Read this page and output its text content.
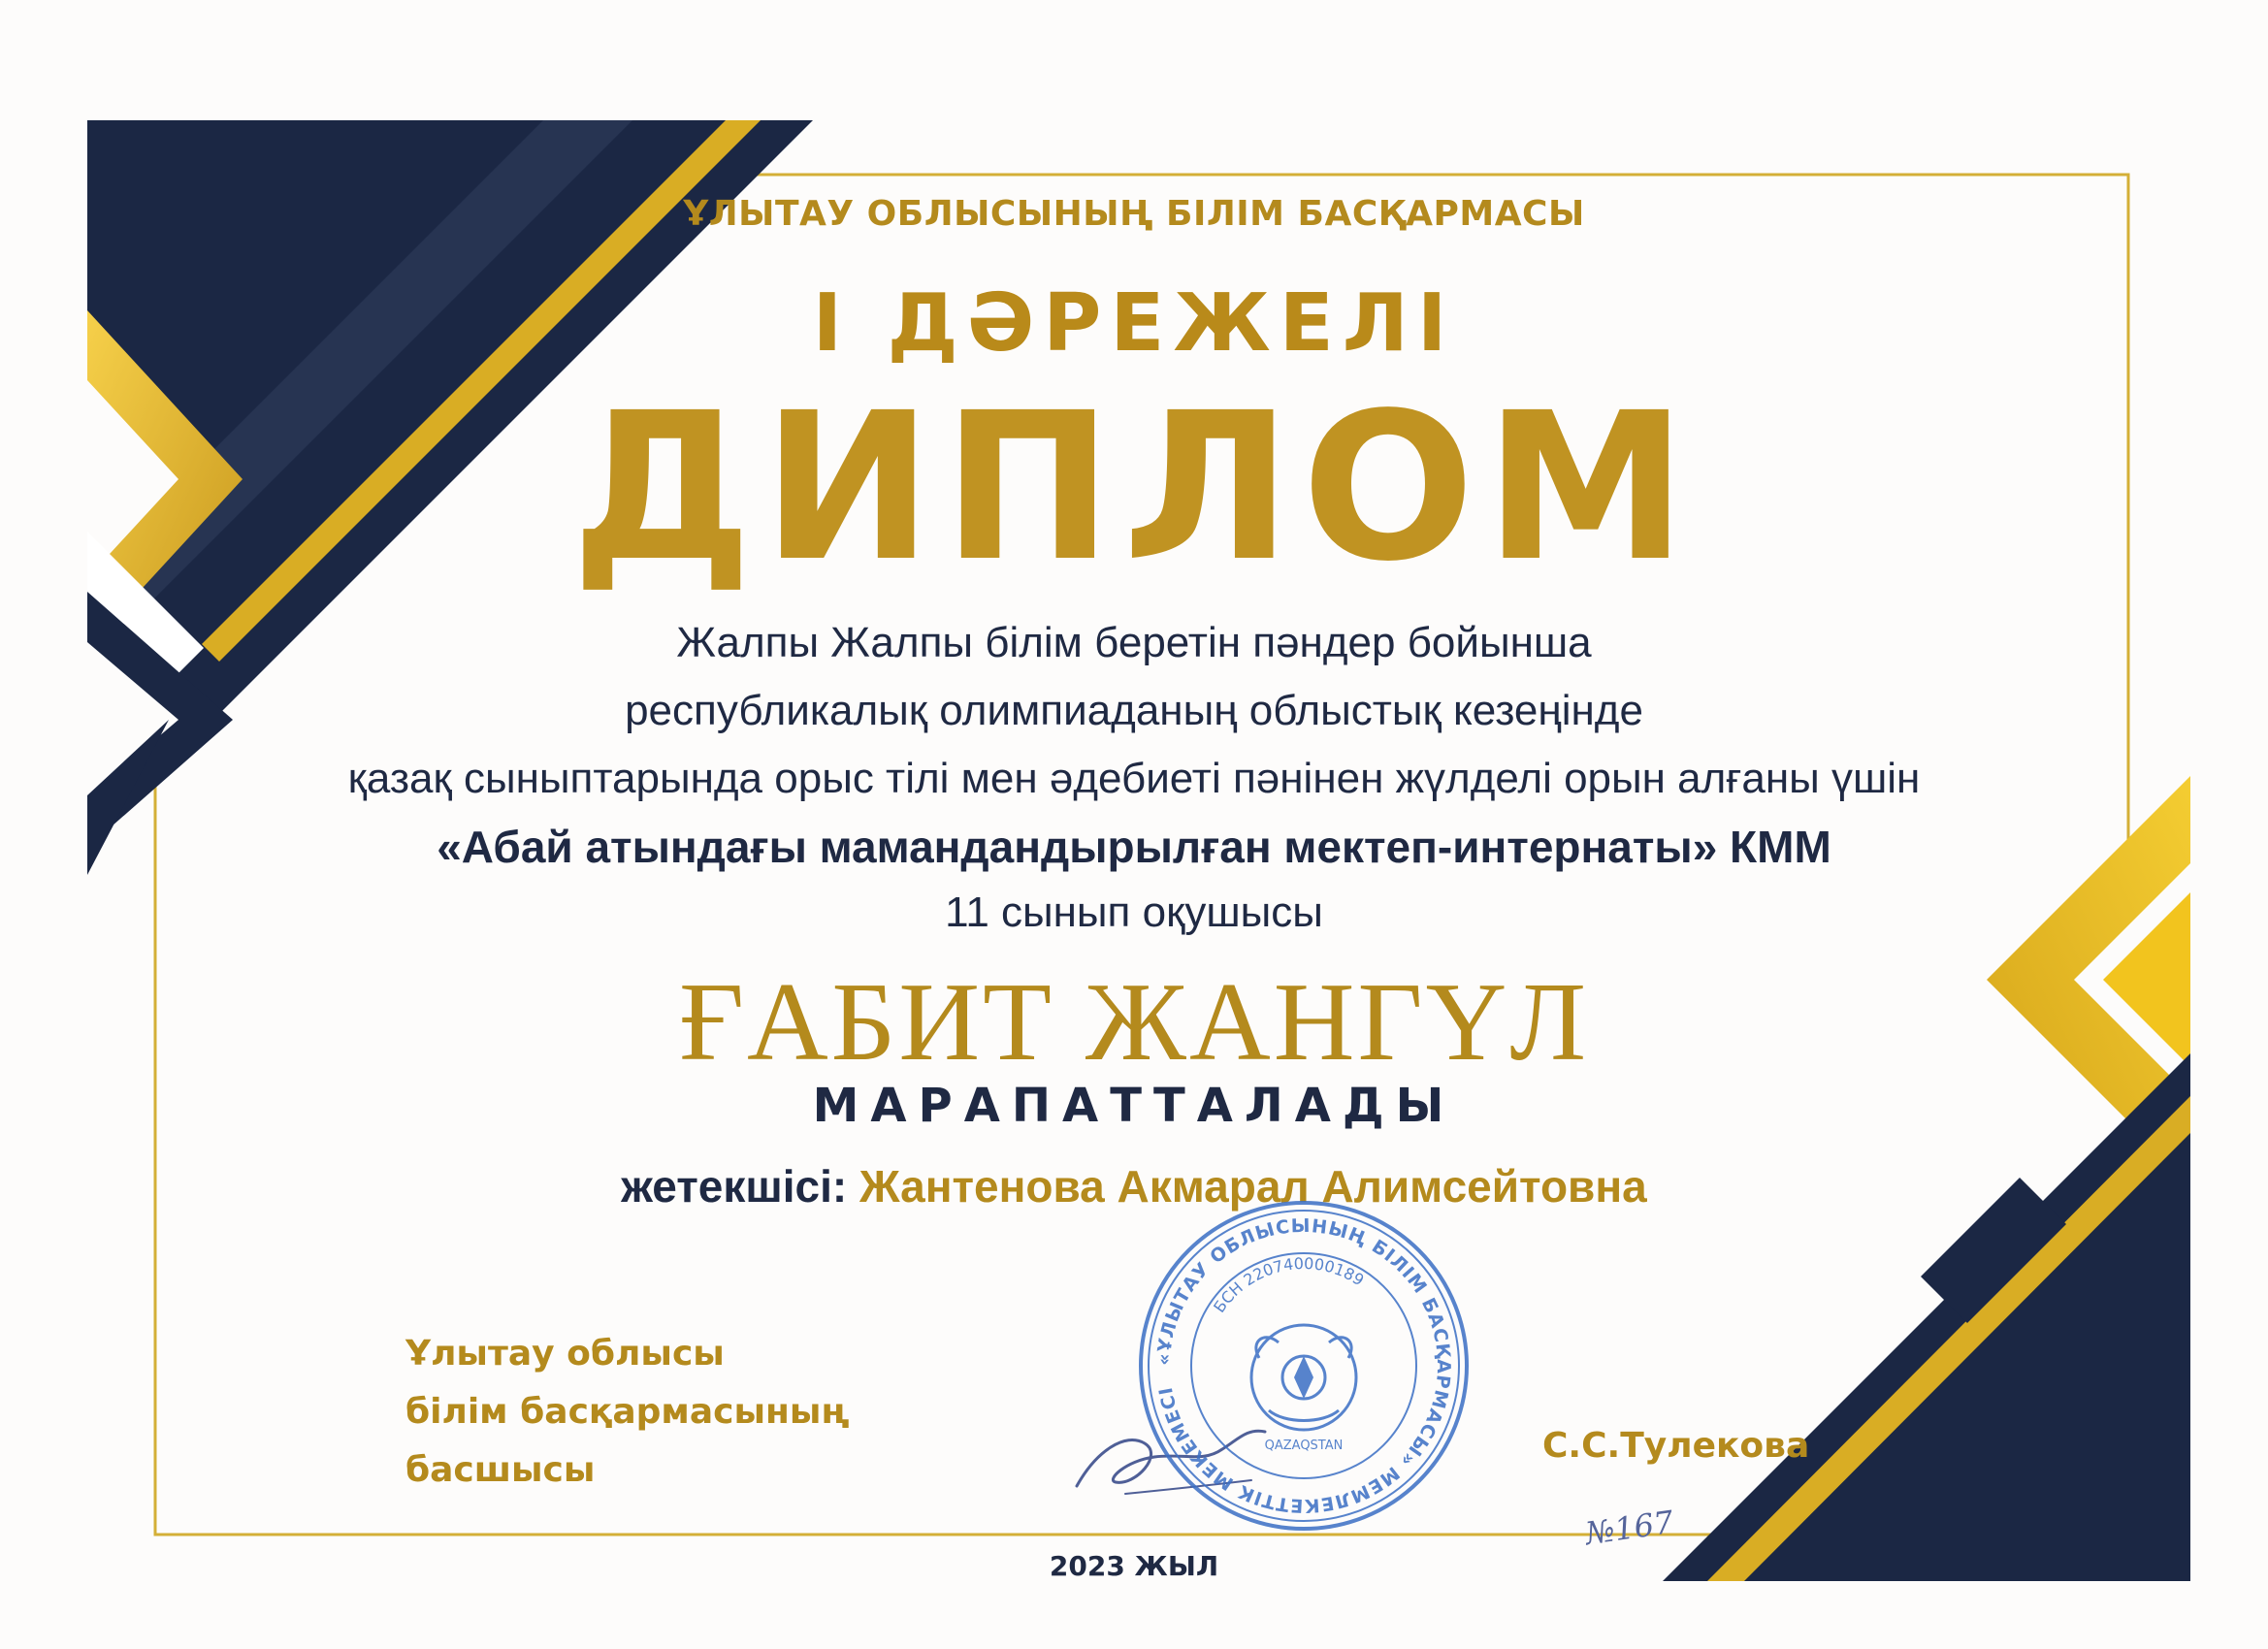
ҰЛЫТАУ ОБЛЫСЫНЫҢ БІЛІМ БАСҚАРМАСЫ

І ДӘРЕЖЕЛІ

ДИПЛОМ

Жалпы Жалпы білім беретін пәндер бойынша

республикалық олимпиаданың облыстық кезеңінде

қазақ сыныптарында орыс тілі мен әдебиеті пәнінен жүлделі орын алғаны үшін

«Абай атындағы мамандандырылған мектеп-интернаты» КММ

11 сынып оқушысы

ҒАБИТ ЖАНГҮЛ

МАРАПАТТАЛАДЫ

жетекшісі: Жантенова Акмарал Алимсейтовна

Ұлытау облысы
білім басқармасының
басшысы
«ҰЛЫТАУ ОБЛЫСЫНЫҢ БІЛІМ БАСҚАРМАСЫ» МЕМЛЕКЕТТІК МЕКЕМЕСІ
БСН 220740000189
QAZAQSTAN	С.С.Тулекова

№167

2023 ЖЫЛ
